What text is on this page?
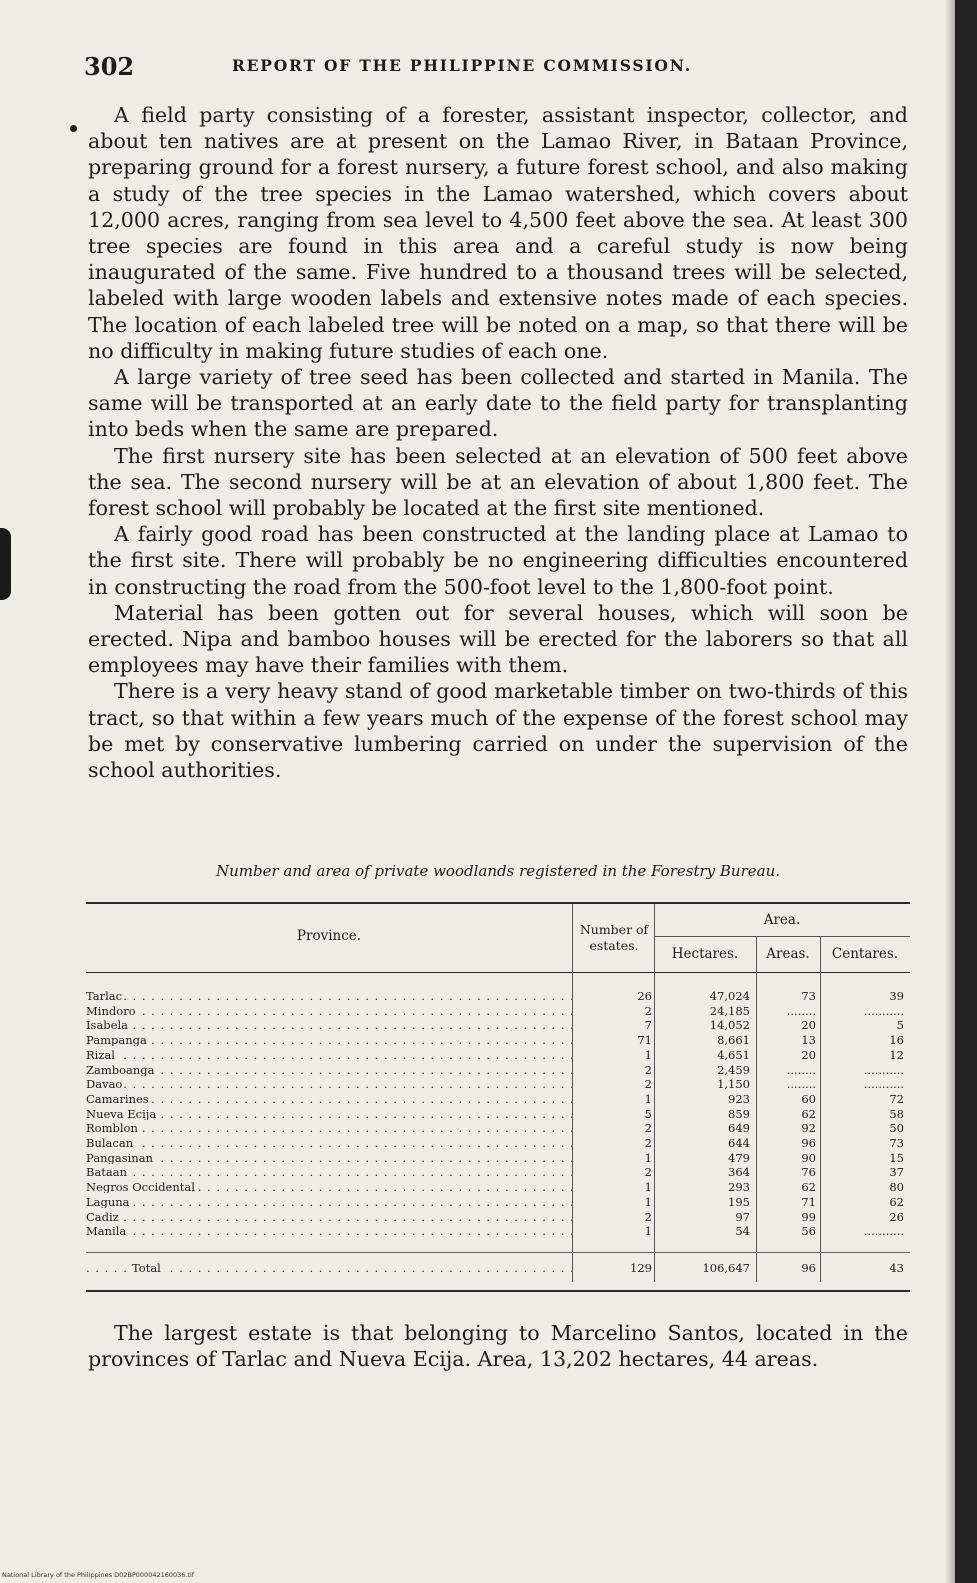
302	REPORT OF THE PHILIPPINE COMMISSION.

A field party consisting of a forester, assistant inspector, collector, and about ten natives are at present on the Lamao River, in Bataan Province, preparing ground for a forest nursery, a future forest school, and also making a study of the tree species in the Lamao watershed, which covers about 12,000 acres, ranging from sea level to 4,500 feet above the sea. At least 300 tree species are found in this area and a careful study is now being inaugurated of the same. Five hundred to a thousand trees will be selected, labeled with large wooden labels and extensive notes made of each species. The location of each labeled tree will be noted on a map, so that there will be no difficulty in making future studies of each one.

A large variety of tree seed has been collected and started in Manila. The same will be transported at an early date to the field party for transplanting into beds when the same are prepared.

The first nursery site has been selected at an elevation of 500 feet above the sea. The second nursery will be at an elevation of about 1,800 feet. The forest school will probably be located at the first site mentioned.

A fairly good road has been constructed at the landing place at Lamao to the first site. There will probably be no engineering difficulties encountered in constructing the road from the 500-foot level to the 1,800-foot point.

Material has been gotten out for several houses, which will soon be erected. Nipa and bamboo houses will be erected for the laborers so that all employees may have their families with them.

There is a very heavy stand of good marketable timber on two-thirds of this tract, so that within a few years much of the expense of the forest school may be met by conservative lumbering carried on under the supervision of the school authorities.

Number and area of private woodlands registered in the Forestry Bureau.
Province.	Number of estates.
Area.
Hectares.	Areas.	Centares.
Tarlac . . .	26	47,024	73	39
Mindoro . . .	2	24,185	........	...........
Isabela . . .	7	14,052	20	5
Pampanga . . .	71	8,661	13	16
Rizal . . .	1	4,651	20	12
Zamboanga . . .	2	2,459	........	...........
Davao . . .	2	1,150	........	...........
Camarines . . .	1	923	60	72
Nueva Ecija . . .	5	859	62	58
Romblon . . .	2	649	92	50
Bulacan . . .	2	644	96	73
Pangasinan . . .	1	479	90	15
Bataan . . .	2	364	76	37
Negros Occidental . . .	1	293	62	80
Laguna . . .	1	195	71	62
Cadiz . . .	2	97	99	26
Manila . . .	1	54	56	...........
Total . . .	129	106,647	96	43

The largest estate is that belonging to Marcelino Santos, located in the provinces of Tarlac and Nueva Ecija. Area, 13,202 hectares, 44 areas.

National Library of the Philippines D02BP000042160036.tif
